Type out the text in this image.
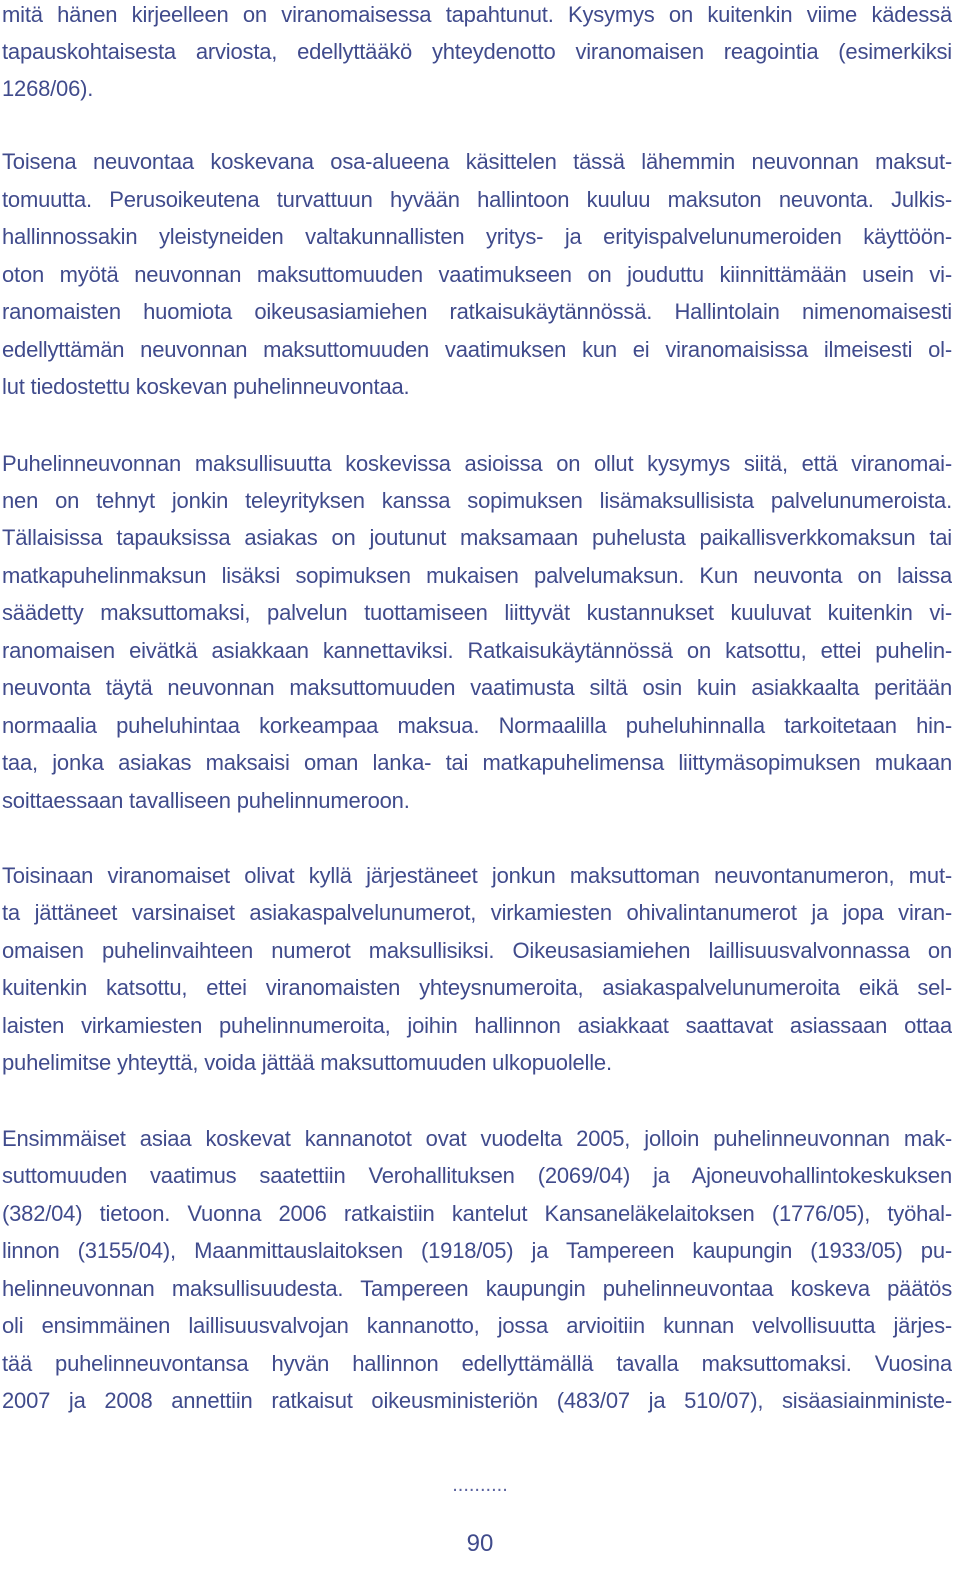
mitä hänen kirjeelleen on viranomaisessa tapahtunut. Kysymys on kuitenkin viime kädessä
tapauskohtaisesta arviosta, edellyttääkö yhteydenotto viranomaisen reagointia (esimerkiksi
1268/06).
Toisena neuvontaa koskevana osa-alueena käsittelen tässä lähemmin neuvonnan maksut-
tomuutta. Perusoikeutena turvattuun hyvään hallintoon kuuluu maksuton neuvonta. Julkis-
hallinnossakin yleistyneiden valtakunnallisten yritys- ja erityispalvelunumeroiden käyttöön-
oton myötä neuvonnan maksuttomuuden vaatimukseen on jouduttu kiinnittämään usein vi-
ranomaisten huomiota oikeusasiamiehen ratkaisukäytännössä. Hallintolain nimenomaisesti
edellyttämän neuvonnan maksuttomuuden vaatimuksen kun ei viranomaisissa ilmeisesti ol-
lut tiedostettu koskevan puhelinneuvontaa.
Puhelinneuvonnan maksullisuutta koskevissa asioissa on ollut kysymys siitä, että viranomai-
nen on tehnyt jonkin teleyrityksen kanssa sopimuksen lisämaksullisista palvelunumeroista.
Tällaisissa tapauksissa asiakas on joutunut maksamaan puhelusta paikallisverkkomaksun tai
matkapuhelinmaksun lisäksi sopimuksen mukaisen palvelumaksun. Kun neuvonta on laissa
säädetty maksuttomaksi, palvelun tuottamiseen liittyvät kustannukset kuuluvat kuitenkin vi-
ranomaisen eivätkä asiakkaan kannettaviksi. Ratkaisukäytännössä on katsottu, ettei puhelin-
neuvonta täytä neuvonnan maksuttomuuden vaatimusta siltä osin kuin asiakkaalta peritään
normaalia puheluhintaa korkeampaa maksua. Normaalilla puheluhinnalla tarkoitetaan hin-
taa, jonka asiakas maksaisi oman lanka- tai matkapuhelimensa liittymäsopimuksen mukaan
soittaessaan tavalliseen puhelinnumeroon.
Toisinaan viranomaiset olivat kyllä järjestäneet jonkun maksuttoman neuvontanumeron, mut-
ta jättäneet varsinaiset asiakaspalvelunumerot, virkamiesten ohivalintanumerot ja jopa viran-
omaisen puhelinvaihteen numerot maksullisiksi. Oikeusasiamiehen laillisuusvalvonnassa on
kuitenkin katsottu, ettei viranomaisten yhteysnumeroita, asiakaspalvelunumeroita eikä sel-
laisten virkamiesten puhelinnumeroita, joihin hallinnon asiakkaat saattavat asiassaan ottaa
puhelimitse yhteyttä, voida jättää maksuttomuuden ulkopuolelle.
Ensimmäiset asiaa koskevat kannanotot ovat vuodelta 2005, jolloin puhelinneuvonnan mak-
suttomuuden vaatimus saatettiin Verohallituksen (2069/04) ja Ajoneuvohallintokeskuksen
(382/04) tietoon. Vuonna 2006 ratkaistiin kantelut Kansaneläkelaitoksen (1776/05), työhal-
linnon (3155/04), Maanmittauslaitoksen (1918/05) ja Tampereen kaupungin (1933/05) pu-
helinneuvonnan maksullisuudesta. Tampereen kaupungin puhelinneuvontaa koskeva päätös
oli ensimmäinen laillisuusvalvojan kannanotto, jossa arvioitiin kunnan velvollisuutta järjes-
tää puhelinneuvontansa hyvän hallinnon edellyttämällä tavalla maksuttomaksi. Vuosina
2007 ja 2008 annettiin ratkaisut oikeusministeriön (483/07 ja 510/07), sisäasiainministe-
..........
90
